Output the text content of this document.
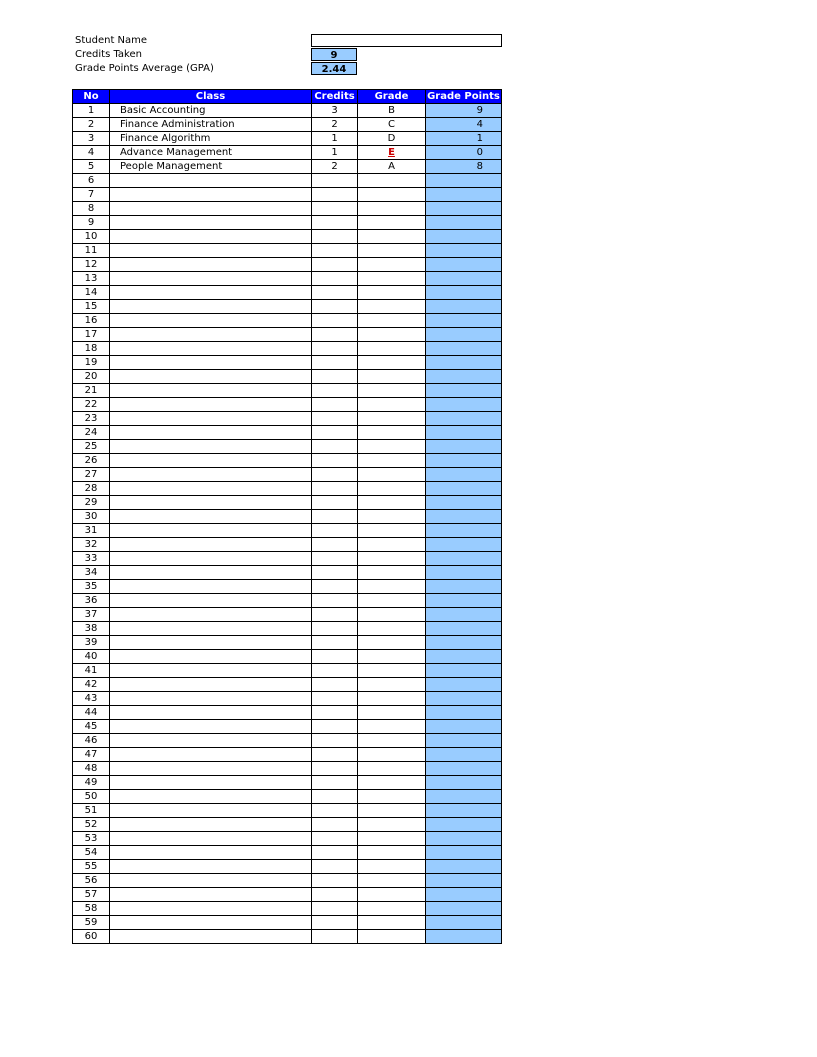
Student Name
Credits Taken	9
Grade Points Average (GPA)	2.44
No	Class	Credits	Grade	Grade Points
1	Basic Accounting	3	B	9
2	Finance Administration	2	C	4
3	Finance Algorithm	1	D	1
4	Advance Management	1	E	0
5	People Management	2	A	8
6				
7				
8				
9				
10				
11				
12				
13				
14				
15				
16				
17				
18				
19				
20				
21				
22				
23				
24				
25				
26				
27				
28				
29				
30				
31				
32				
33				
34				
35				
36				
37				
38				
39				
40				
41				
42				
43				
44				
45				
46				
47				
48				
49				
50				
51				
52				
53				
54				
55				
56				
57				
58				
59				
60				
